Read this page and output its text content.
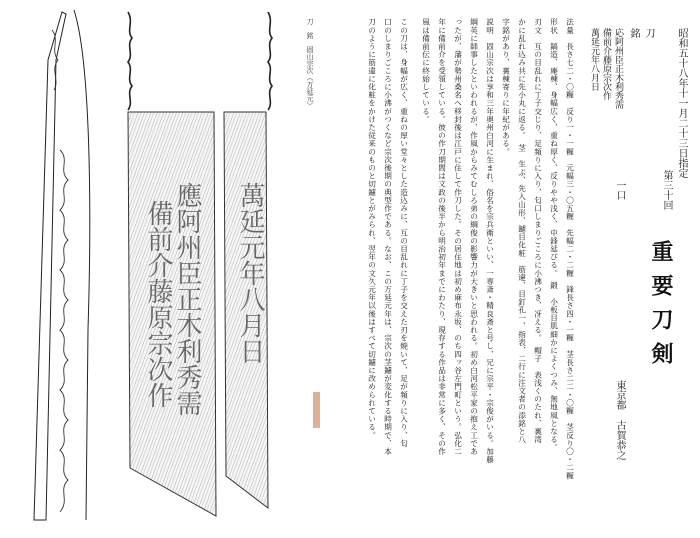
應阿州臣正木利秀需
備前介藤原宗次作 萬延元年八月日
刀　銘　固山宗次（万延元）	昭和五十八年十一月二十三日指定
第三十回
重要刀剣
一口
東京都　古賀恭之
刀
銘
応阿州臣正木利秀需
備前介藤原宗次作
萬延元年八月日
法量　長さ七二・〇糎　反り一・一糎　元幅三・〇五糎　先幅二・二糎　鋒長さ四・一糎　茎長さ二二・〇糎　茎反り〇・二糎
形状　鎬造、庵棟、身幅広く、重ね厚く、反りやや浅く、中鋒延びる。　鍛　小板目肌細かによくつみ、無地風となる。
刃文　互の目乱れに丁子交じり、足頻りに入り、匂口しまりごころに小沸つき、冴える。　帽子　表浅くのたれ、裏湾
かに乱れ込み共に先小丸に返る。　茎　生ぶ、先入山形、鑢目化粧　筋違、目釘孔一、指表、二行に注文者の添銘と八
字銘があり、裏棟寄りに年紀がある。
説明　固山宗次は享和三年奥州白河に生まれ、俗名を宗兵衛といい、一専斎・精良斎と号し、兄に宗平・宗俊がいる。加藤
綱英に師事したといわれるが、作風からみてむしろ弟の綱俊の影響力が大きいと思われる。初め白河松平家の抱え工であ
ったが、藩が勢州桑名へ移封後は江戸に住して作刀した。その居住地は初め麻布永坂、のち四ッ谷左門町という。弘化二
年に備前介を受領している。彼の作刀期間は文政の後半から明治初年までにわたり、現存する作品は非常に多く、その作
風は備前伝に終始している。
この刀は、身幅が広く、重ねの厚い堂々とした造込みに、互の目乱れに丁子を交えた刃を焼いて、足が頻りに入り、匂
口のしまりごころに小沸がつくなど宗次後期の典型作である。なお、この万延元年は、宗次の茎鑢が変化する時期で、本
刀のように筋違に化粧をかけた従来のものと切鑢とがみられ、翌年の文久元年以後はすべて切鑢に改められている。
